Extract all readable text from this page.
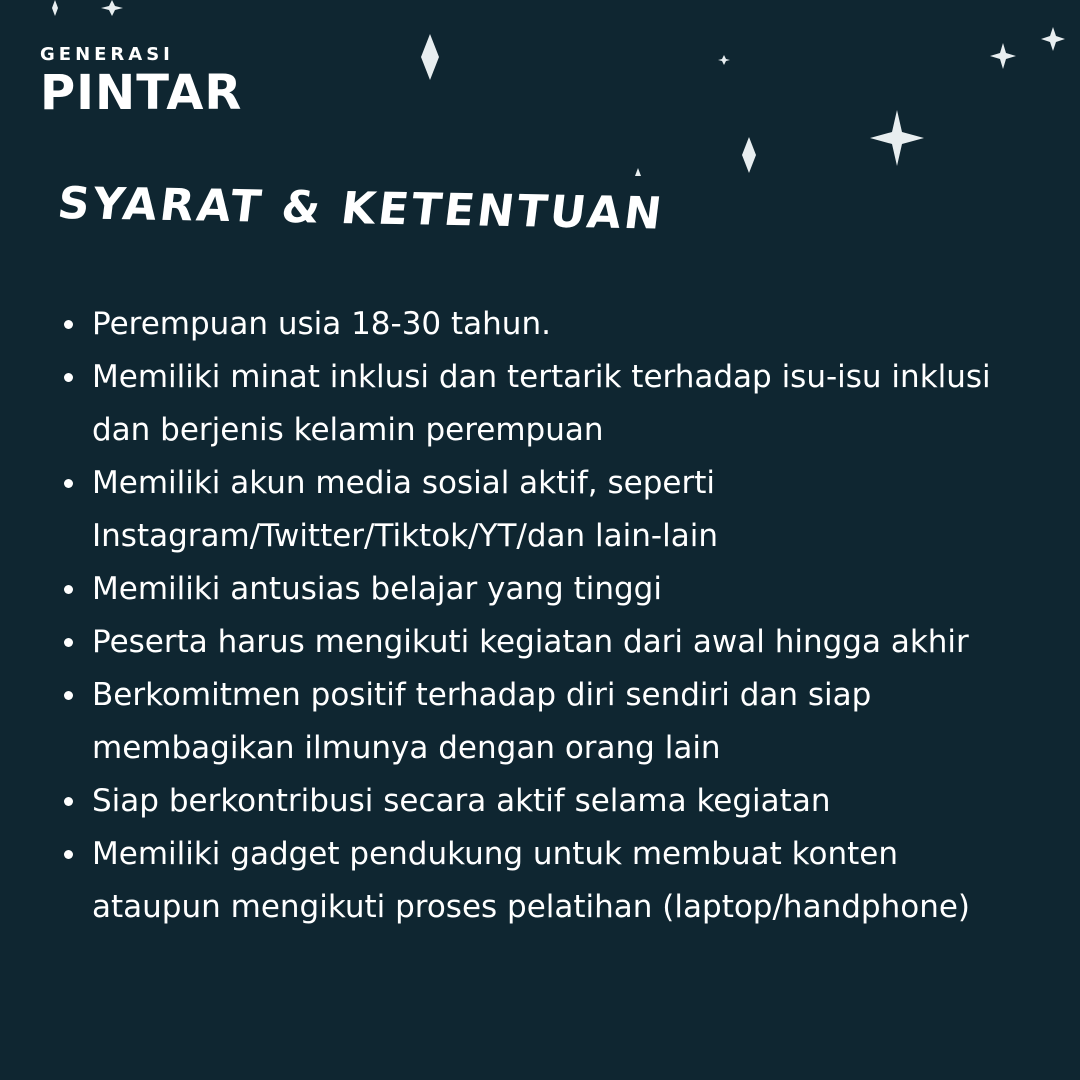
GENERASI
PINTAR
SYARAT & KETENTUAN
Perempuan usia 18-30 tahun.
Memiliki minat inklusi dan tertarik terhadap isu-isu inklusi dan berjenis kelamin perempuan
Memiliki akun media sosial aktif, seperti Instagram/Twitter/Tiktok/YT/dan lain-lain
Memiliki antusias belajar yang tinggi
Peserta harus mengikuti kegiatan dari awal hingga akhir
Berkomitmen positif terhadap diri sendiri dan siap membagikan ilmunya dengan orang lain
Siap berkontribusi secara aktif selama kegiatan
Memiliki gadget pendukung untuk membuat konten ataupun mengikuti proses pelatihan (laptop/handphone)
